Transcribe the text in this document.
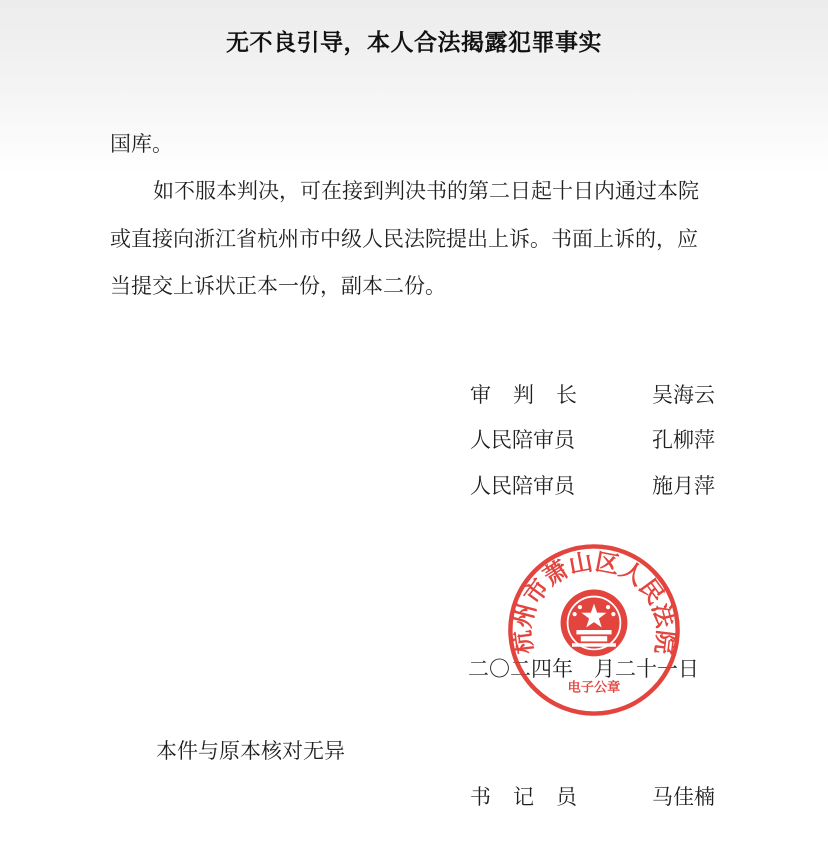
无不良引导，本人合法揭露犯罪事实
国库。
如不服本判决，可在接到判决书的第二日起十日内通过本院
或直接向浙江省杭州市中级人民法院提出上诉。书面上诉的，应
当提交上诉状正本一份，副本二份。
审判长	吴海云
人民陪审员	孔柳萍
人民陪审员	施月萍
二〇二四年　月二十一日
杭州市萧山区人民法院
电子公章
本件与原本核对无异
书记员	马佳楠
